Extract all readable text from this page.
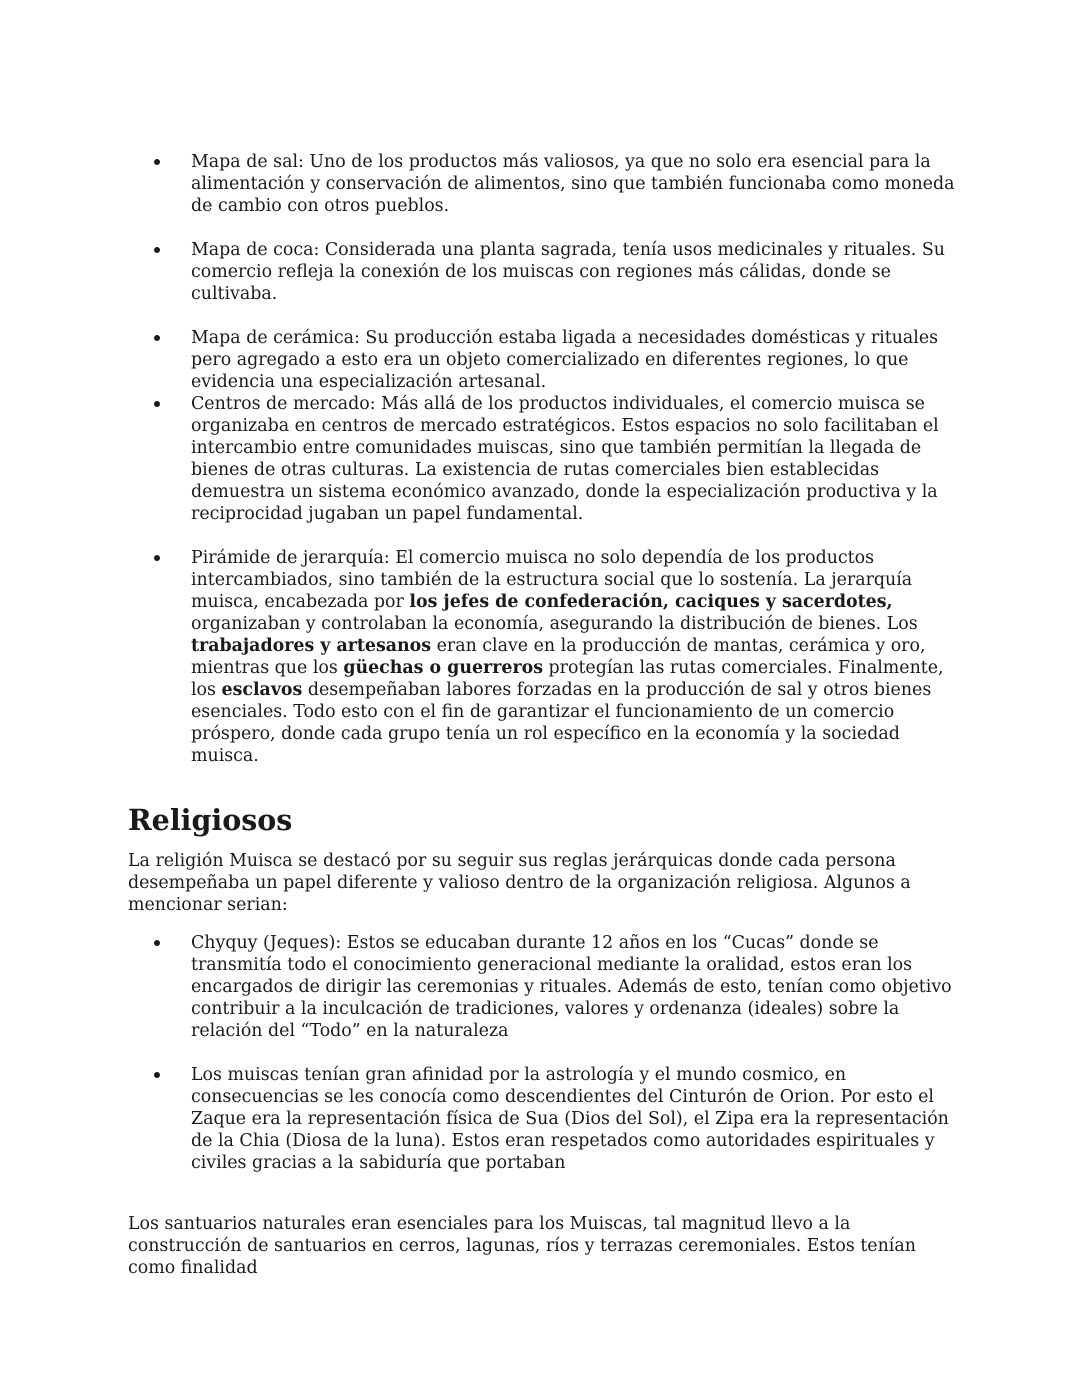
Mapa de sal: Uno de los productos más valiosos, ya que no solo era esencial para la alimentación y conservación de alimentos, sino que también funcionaba como moneda de cambio con otros pueblos.
Mapa de coca: Considerada una planta sagrada, tenía usos medicinales y rituales. Su comercio refleja la conexión de los muiscas con regiones más cálidas, donde se cultivaba.
Mapa de cerámica: Su producción estaba ligada a necesidades domésticas y rituales pero agregado a esto era un objeto comercializado en diferentes regiones, lo que evidencia una especialización artesanal.
Centros de mercado: Más allá de los productos individuales, el comercio muisca se organizaba en centros de mercado estratégicos. Estos espacios no solo facilitaban el intercambio entre comunidades muiscas, sino que también permitían la llegada de bienes de otras culturas. La existencia de rutas comerciales bien establecidas demuestra un sistema económico avanzado, donde la especialización productiva y la reciprocidad jugaban un papel fundamental.
Pirámide de jerarquía: El comercio muisca no solo dependía de los productos intercambiados, sino también de la estructura social que lo sostenía. La jerarquía muisca, encabezada por los jefes de confederación, caciques y sacerdotes, organizaban y controlaban la economía, asegurando la distribución de bienes. Los trabajadores y artesanos eran clave en la producción de mantas, cerámica y oro, mientras que los güechas o guerreros protegían las rutas comerciales. Finalmente, los esclavos desempeñaban labores forzadas en la producción de sal y otros bienes esenciales. Todo esto con el fin de garantizar el funcionamiento de un comercio próspero, donde cada grupo tenía un rol específico en la economía y la sociedad muisca.
Religiosos

La religión Muisca se destacó por su seguir sus reglas jerárquicas donde cada persona desempeñaba un papel diferente y valioso dentro de la organización religiosa. Algunos a mencionar serian:

Chyquy (Jeques): Estos se educaban durante 12 años en los “Cucas” donde se transmitía todo el conocimiento generacional mediante la oralidad, estos eran los encargados de dirigir las ceremonias y rituales. Además de esto, tenían como objetivo contribuir a la inculcación de tradiciones, valores y ordenanza (ideales) sobre la relación del “Todo” en la naturaleza
Los muiscas tenían gran afinidad por la astrología y el mundo cosmico, en consecuencias se les conocía como descendientes del Cinturón de Orion. Por esto el Zaque era la representación física de Sua (Dios del Sol), el Zipa era la representación de la Chia (Diosa de la luna). Estos eran respetados como autoridades espirituales y civiles gracias a la sabiduría que portaban

Los santuarios naturales eran esenciales para los Muiscas, tal magnitud llevo a la construcción de santuarios en cerros, lagunas, ríos y terrazas ceremoniales. Estos tenían como finalidad
